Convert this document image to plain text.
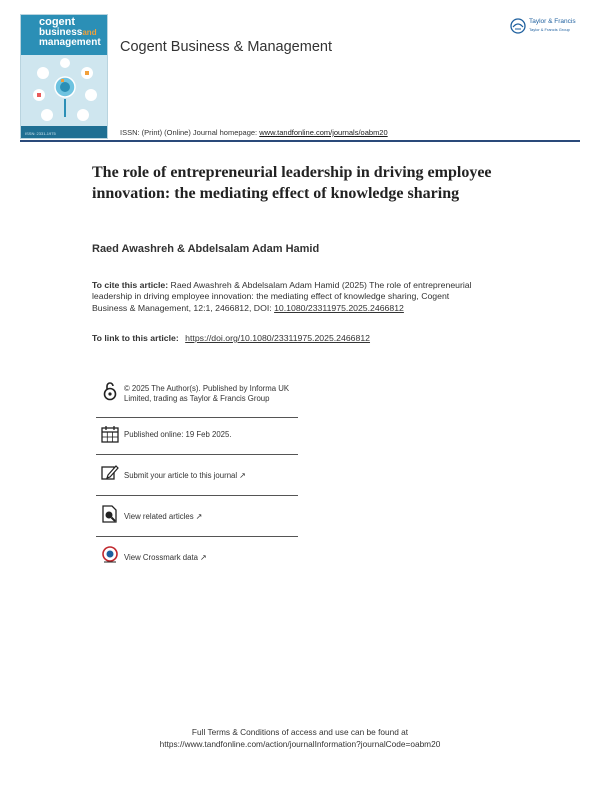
cogent
businessand
management
ISSN: 2331-1975
Cogent Business & Management
Taylor & Francis
Taylor & Francis Group
ISSN: (Print) (Online) Journal homepage: www.tandfonline.com/journals/oabm20
The role of entrepreneurial leadership in driving employee innovation: the mediating effect of knowledge sharing
Raed Awashreh & Abdelsalam Adam Hamid
To cite this article: Raed Awashreh & Abdelsalam Adam Hamid (2025) The role of entrepreneurial leadership in driving employee innovation: the mediating effect of knowledge sharing, Cogent Business & Management, 12:1, 2466812, DOI: 10.1080/23311975.2025.2466812
To link to this article: https://doi.org/10.1080/23311975.2025.2466812
© 2025 The Author(s). Published by Informa UK Limited, trading as Taylor & Francis Group
Published online: 19 Feb 2025.
Submit your article to this journal ↗
View related articles ↗
View Crossmark data ↗
Full Terms & Conditions of access and use can be found at
https://www.tandfonline.com/action/journalInformation?journalCode=oabm20
